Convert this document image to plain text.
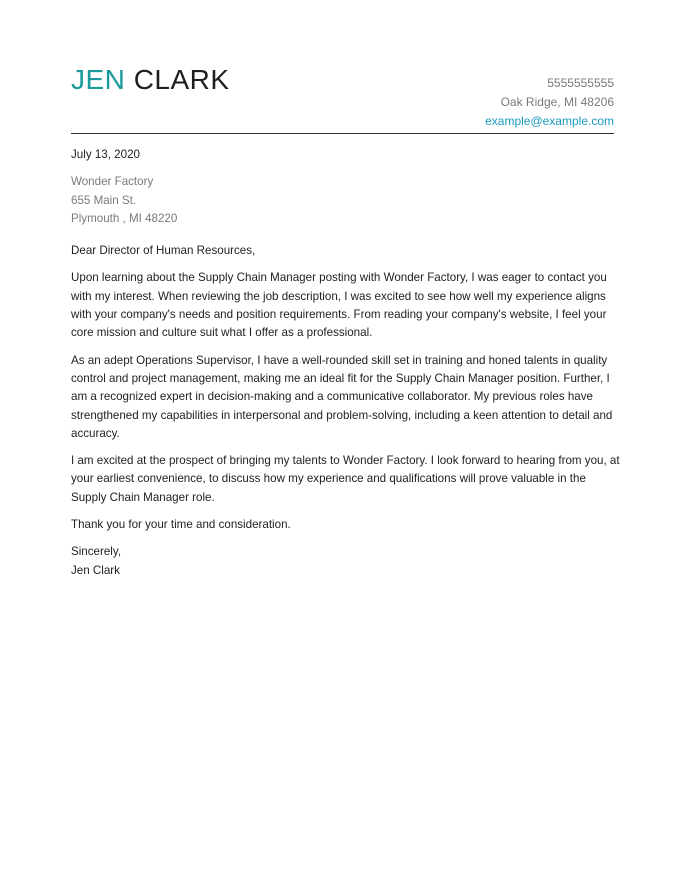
JEN CLARK	5555555555
Oak Ridge, MI 48206
example@example.com
July 13, 2020
Wonder Factory
655 Main St.
Plymouth , MI 48220
Dear Director of Human Resources,
Upon learning about the Supply Chain Manager posting with Wonder Factory, I was eager to contact you with my interest. When reviewing the job description, I was excited to see how well my experience aligns with your company's needs and position requirements. From reading your company's website, I feel your core mission and culture suit what I offer as a professional.
As an adept Operations Supervisor, I have a well-rounded skill set in training and honed talents in quality control and project management, making me an ideal fit for the Supply Chain Manager position. Further, I am a recognized expert in decision-making and a communicative collaborator. My previous roles have strengthened my capabilities in interpersonal and problem-solving, including a keen attention to detail and accuracy.
I am excited at the prospect of bringing my talents to Wonder Factory. I look forward to hearing from you, at your earliest convenience, to discuss how my experience and qualifications will prove valuable in the Supply Chain Manager role.
Thank you for your time and consideration.
Sincerely,
Jen Clark
